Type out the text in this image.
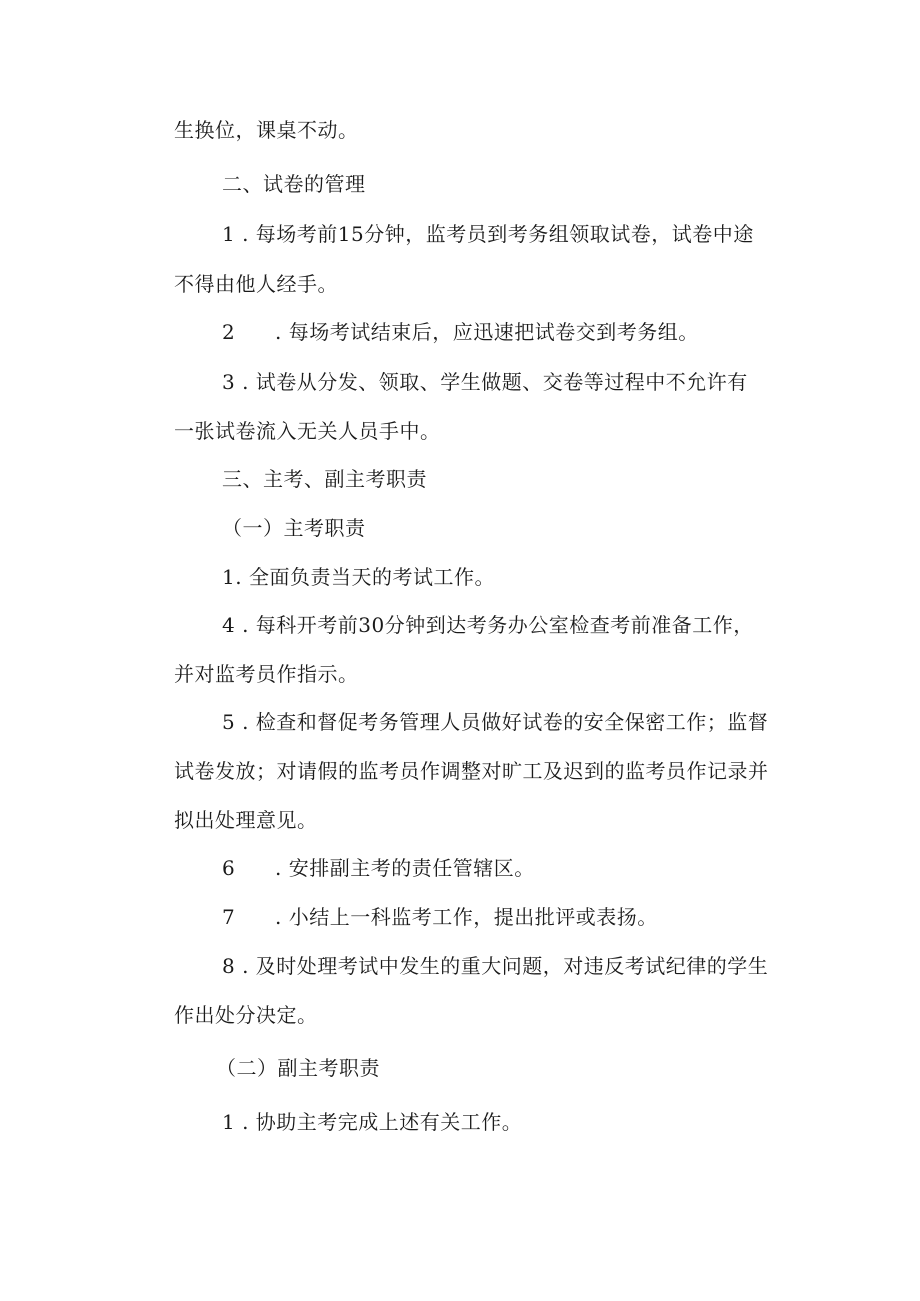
生换位，课桌不动。
二、试卷的管理
1 . 每场考前15分钟，监考员到考务组领取试卷，试卷中途
不得由他人经手。
2 . 每场考试结束后，应迅速把试卷交到考务组。
3 . 试卷从分发、领取、学生做题、交卷等过程中不允许有
一张试卷流入无关人员手中。
三、主考、副主考职责
（一）主考职责
1. 全面负责当天的考试工作。
4 . 每科开考前30分钟到达考务办公室检查考前准备工作，
并对监考员作指示。
5 . 检查和督促考务管理人员做好试卷的安全保密工作；监督
试卷发放；对请假的监考员作调整对旷工及迟到的监考员作记录并
拟出处理意见。
6 . 安排副主考的责任管辖区。
7 . 小结上一科监考工作，提出批评或表扬。
8 . 及时处理考试中发生的重大问题，对违反考试纪律的学生
作出处分决定。
（二）副主考职责
1 . 协助主考完成上述有关工作。
